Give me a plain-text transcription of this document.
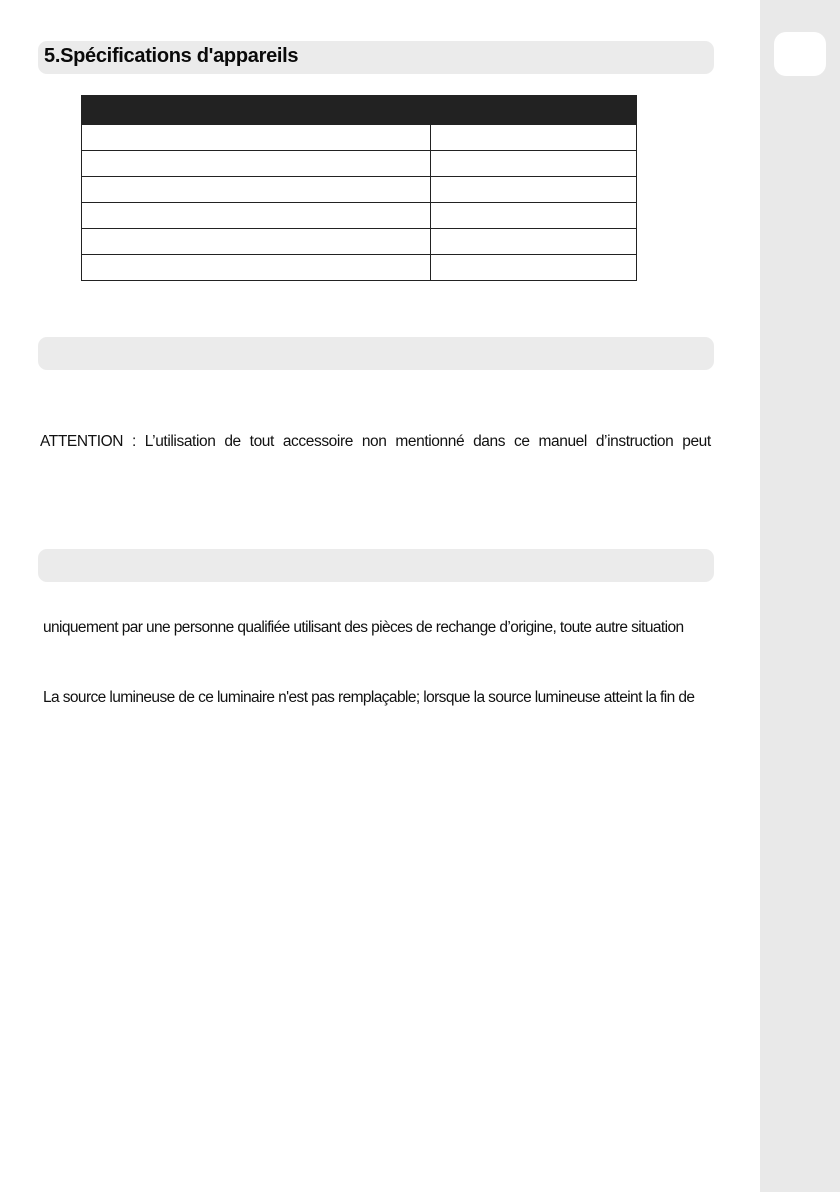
5.Spécifications d'appareils

ATTENTION : L’utilisation de tout accessoire non mentionné dans ce manuel d’instruction peut
uniquement par une personne qualifiée utilisant des pièces de rechange d’origine, toute autre situation
La source lumineuse de ce luminaire n'est pas remplaçable; lorsque la source lumineuse atteint la fin de
